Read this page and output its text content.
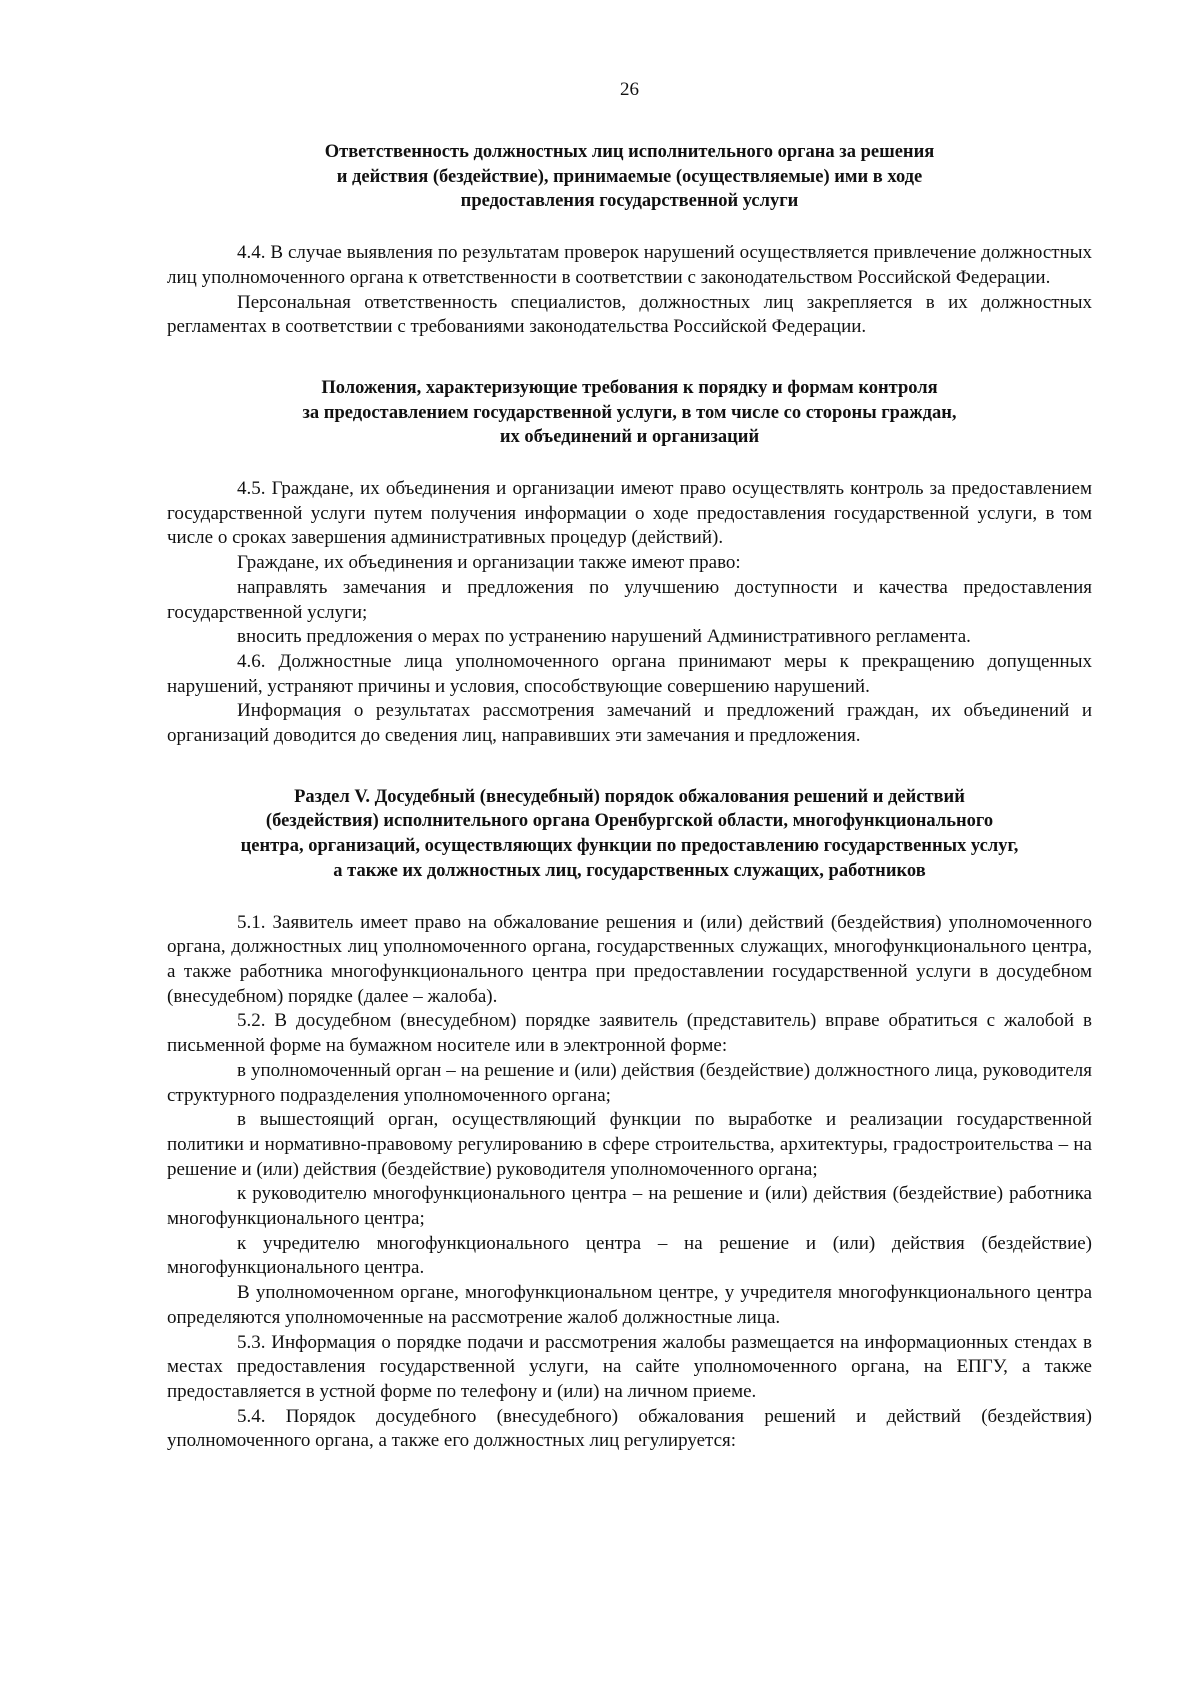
26
Ответственность должностных лиц исполнительного органа за решения
и действия (бездействие), принимаемые (осуществляемые) ими в ходе
предоставления государственной услуги

4.4. В случае выявления по результатам проверок нарушений осуществляется привлечение должностных лиц уполномоченного органа к ответственности в соответствии с законодательством Российской Федерации.

Персональная ответственность специалистов, должностных лиц закрепляется в их должностных регламентах в соответствии с требованиями законодательства Российской Федерации.

Положения, характеризующие требования к порядку и формам контроля
за предоставлением государственной услуги, в том числе со стороны граждан,
их объединений и организаций

4.5. Граждане, их объединения и организации имеют право осуществлять контроль за предоставлением государственной услуги путем получения информации о ходе предоставления государственной услуги, в том числе о сроках завершения административных процедур (действий).

Граждане, их объединения и организации также имеют право:

направлять замечания и предложения по улучшению доступности и качества предоставления государственной услуги;

вносить предложения о мерах по устранению нарушений Административного регламента.

4.6. Должностные лица уполномоченного органа принимают меры к прекращению допущенных нарушений, устраняют причины и условия, способствующие совершению нарушений.

Информация о результатах рассмотрения замечаний и предложений граждан, их объединений и организаций доводится до сведения лиц, направивших эти замечания и предложения.

Раздел V. Досудебный (внесудебный) порядок обжалования решений и действий
(бездействия) исполнительного органа Оренбургской области, многофункционального
центра, организаций, осуществляющих функции по предоставлению государственных услуг,
а также их должностных лиц, государственных служащих, работников

5.1. Заявитель имеет право на обжалование решения и (или) действий (бездействия) уполномоченного органа, должностных лиц уполномоченного органа, государственных служащих, многофункционального центра, а также работника многофункционального центра при предоставлении государственной услуги в досудебном (внесудебном) порядке (далее – жалоба).

5.2. В досудебном (внесудебном) порядке заявитель (представитель) вправе обратиться с жалобой в письменной форме на бумажном носителе или в электронной форме:

в уполномоченный орган – на решение и (или) действия (бездействие) должностного лица, руководителя структурного подразделения уполномоченного органа;

в вышестоящий орган, осуществляющий функции по выработке и реализации государственной политики и нормативно-правовому регулированию в сфере строительства, архитектуры, градостроительства – на решение и (или) действия (бездействие) руководителя уполномоченного органа;

к руководителю многофункционального центра – на решение и (или) действия (бездействие) работника многофункционального центра;

к учредителю многофункционального центра – на решение и (или) действия (бездействие) многофункционального центра.

В уполномоченном органе, многофункциональном центре, у учредителя многофункционального центра определяются уполномоченные на рассмотрение жалоб должностные лица.

5.3. Информация о порядке подачи и рассмотрения жалобы размещается на информационных стендах в местах предоставления государственной услуги, на сайте уполномоченного органа, на ЕПГУ, а также предоставляется в устной форме по телефону и (или) на личном приеме.

5.4. Порядок досудебного (внесудебного) обжалования решений и действий (бездействия) уполномоченного органа, а также его должностных лиц регулируется:
